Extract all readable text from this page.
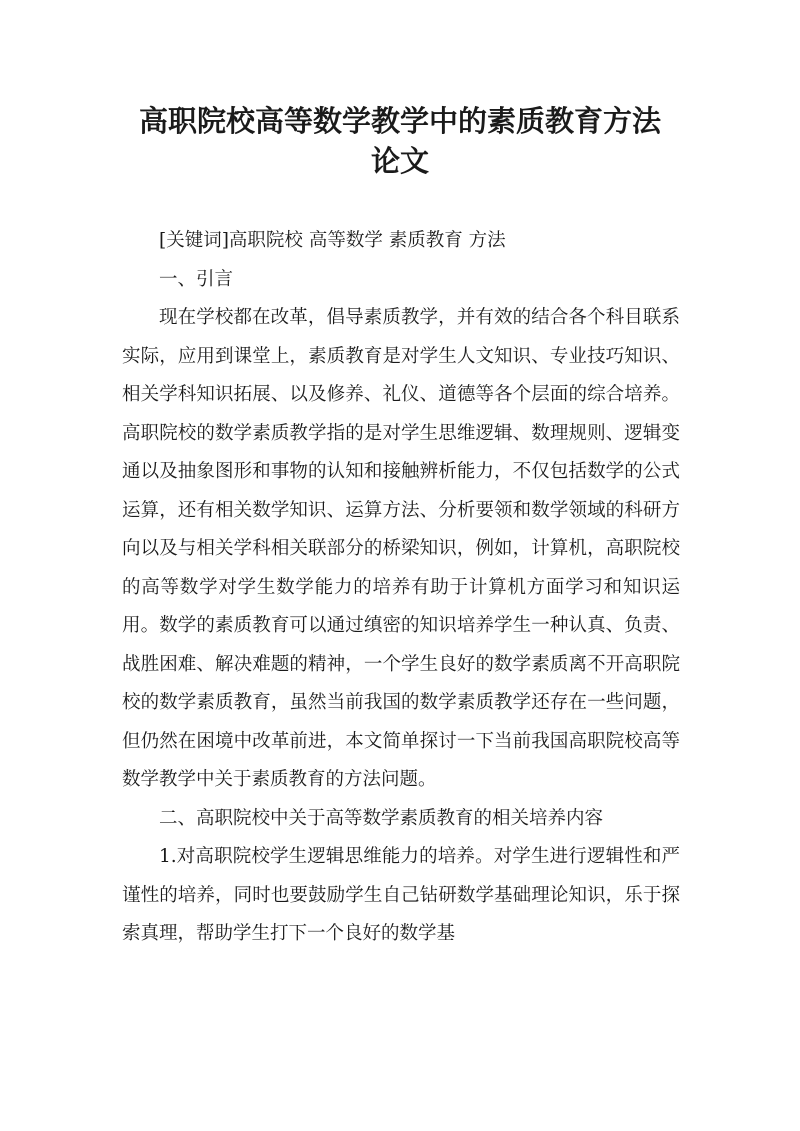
高职院校高等数学教学中的素质教育方法
论文

[关键词]高职院校 高等数学 素质教育 方法

一、引言

现在学校都在改革，倡导素质教学，并有效的结合各个科目联系实际，应用到课堂上，素质教育是对学生人文知识、专业技巧知识、相关学科知识拓展、以及修养、礼仪、道德等各个层面的综合培养。高职院校的数学素质教学指的是对学生思维逻辑、数理规则、逻辑变通以及抽象图形和事物的认知和接触辨析能力，不仅包括数学的公式运算，还有相关数学知识、运算方法、分析要领和数学领域的科研方向以及与相关学科相关联部分的桥梁知识，例如，计算机，高职院校的高等数学对学生数学能力的培养有助于计算机方面学习和知识运用。数学的素质教育可以通过缜密的知识培养学生一种认真、负责、战胜困难、解决难题的精神，一个学生良好的数学素质离不开高职院校的数学素质教育，虽然当前我国的数学素质教学还存在一些问题，但仍然在困境中改革前进，本文简单探讨一下当前我国高职院校高等数学教学中关于素质教育的方法问题。

二、高职院校中关于高等数学素质教育的相关培养内容

1.对高职院校学生逻辑思维能力的培养。对学生进行逻辑性和严谨性的培养，同时也要鼓励学生自己钻研数学基础理论知识，乐于探索真理，帮助学生打下一个良好的数学基
